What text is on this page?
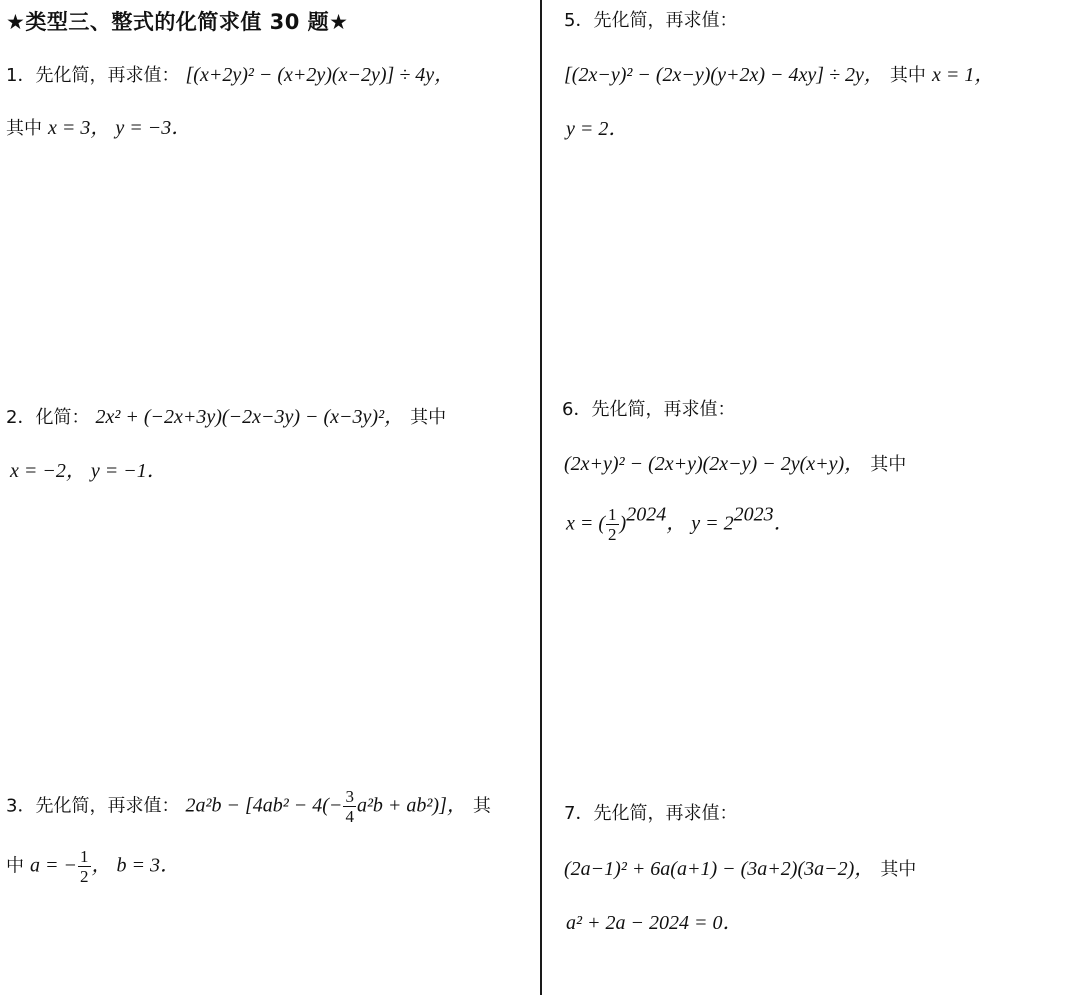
★类型三、整式的化简求值 30 题★
1．先化简，再求值： [(x+2y)² − (x+2y)(x−2y)] ÷ 4y，
其中 x = 3， y = −3．
2．化简： 2x² + (−2x+3y)(−2x−3y) − (x−3y)²， 其中
x = −2， y = −1．
3．先化简，再求值： $2a^2b - [4ab^2 - 4(- \frac{3}{4} a^2b + ab^2)]$， 其
中 a = − $\frac{1}{2}$ ， b = 3．
5．先化简，再求值：
[(2x−y)² − (2x−y)(y+2x) − 4xy] ÷ 2y， 其中 x = 1，
y = 2．
6．先化简，再求值：
(2x+y)² − (2x+y)(2x−y) − 2y(x+y)， 其中
x = ( $\frac{1}{2} )^{2024}$， $y = 2^{2023}$．
7．先化简，再求值：
(2a−1)² + 6a(a+1) − (3a+2)(3a−2)， 其中
a² + 2a − 2024 = 0．
